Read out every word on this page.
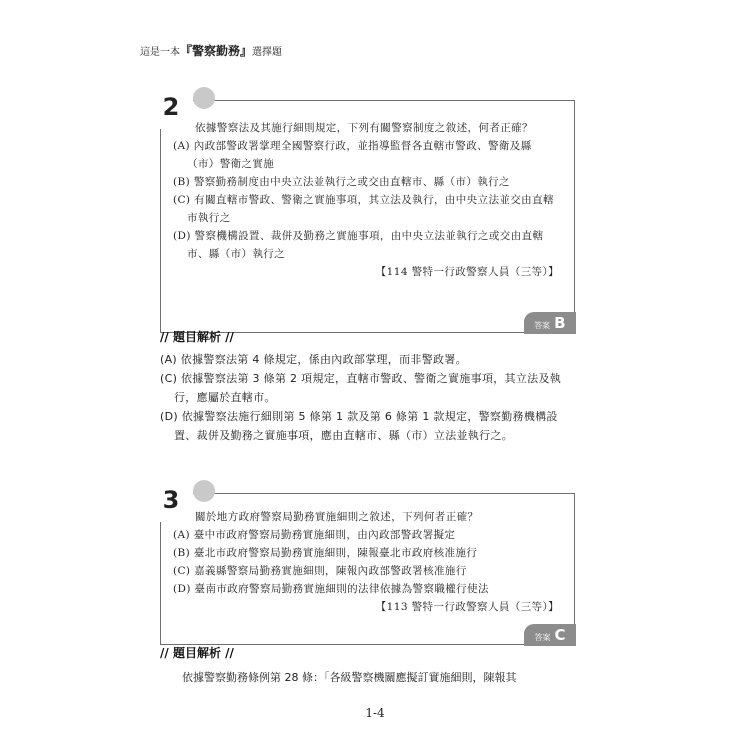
這是一本『警察勤務』選擇題
2
依據警察法及其施行細則規定，下列有關警察制度之敘述，何者正確？
(A) 內政部警政署掌理全國警察行政，並指導監督各直轄市警政、警衛及縣（市）警衛之實施
(B) 警察勤務制度由中央立法並執行之或交由直轄市、縣（市）執行之
(C) 有關直轄市警政、警衛之實施事項，其立法及執行，由中央立法並交由直轄市執行之
(D) 警察機構設置、裁併及勤務之實施事項，由中央立法並執行之或交由直轄市、縣（市）執行之
【114 警特一行政警察人員（三等）】
答案 B
// 題目解析 //
(A) 依據警察法第 4 條規定，係由內政部掌理，而非警政署。
(C) 依據警察法第 3 條第 2 項規定，直轄市警政、警衛之實施事項，其立法及執行，應屬於直轄市。
(D) 依據警察法施行細則第 5 條第 1 款及第 6 條第 1 款規定，警察勤務機構設置、裁併及勤務之實施事項，應由直轄市、縣（市）立法並執行之。
3
關於地方政府警察局勤務實施細則之敘述，下列何者正確？
(A) 臺中市政府警察局勤務實施細則，由內政部警政署擬定
(B) 臺北市政府警察局勤務實施細則，陳報臺北市政府核准施行
(C) 嘉義縣警察局勤務實施細則，陳報內政部警政署核准施行
(D) 臺南市政府警察局勤務實施細則的法律依據為警察職權行使法
【113 警特一行政警察人員（三等）】
答案 C
// 題目解析 //
依據警察勤務條例第 28 條：「各級警察機關應擬訂實施細則，陳報其
1-4
